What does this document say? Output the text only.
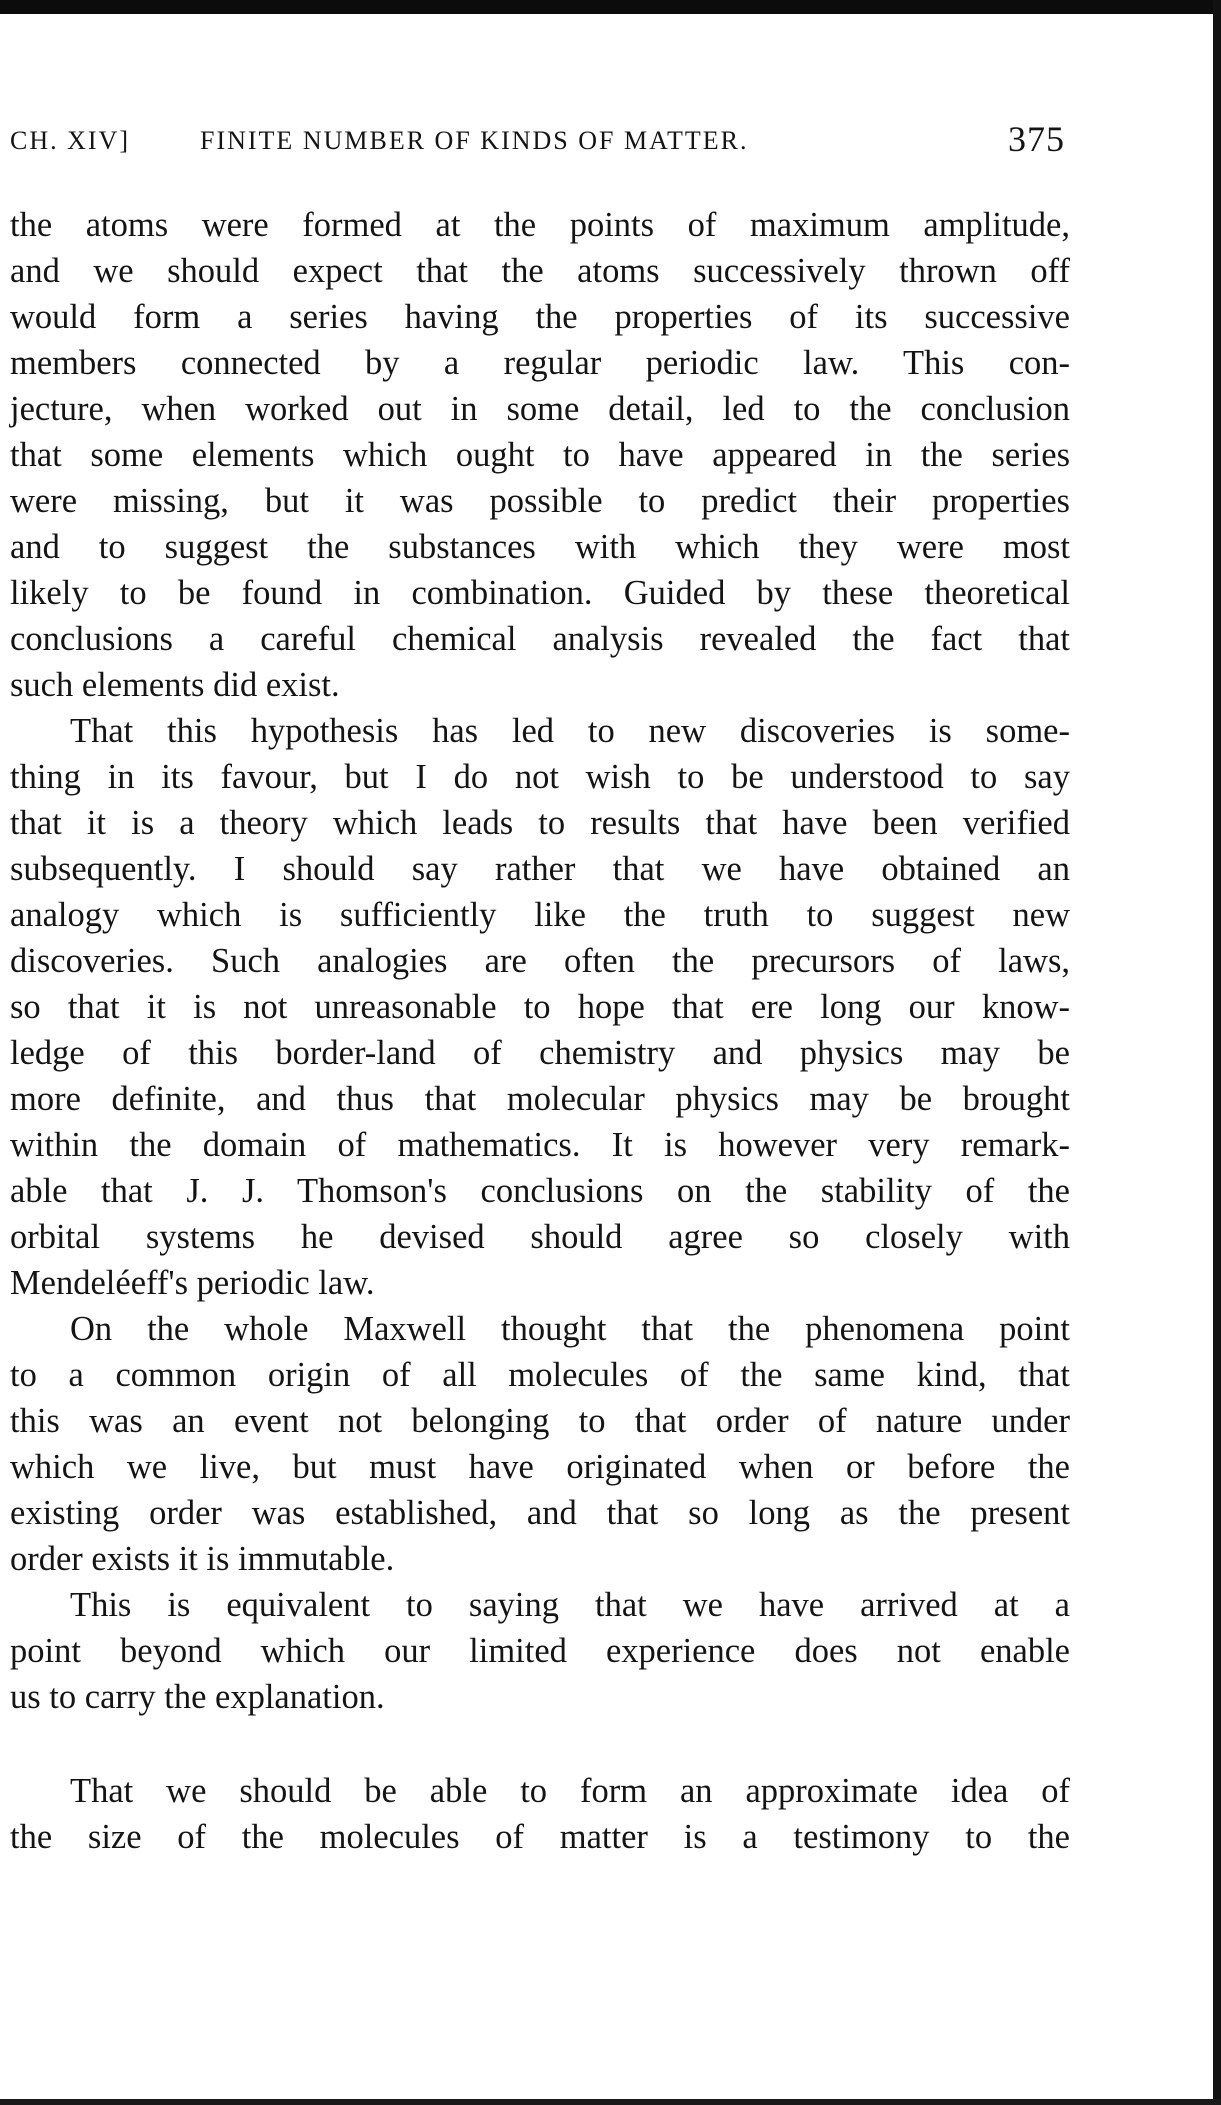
CH. XIV]	FINITE NUMBER OF KINDS OF MATTER.	375
the atoms were formed at the points of maximum amplitude,
and we should expect that the atoms successively thrown off
would form a series having the properties of its successive
members connected by a regular periodic law. This con-
jecture, when worked out in some detail, led to the conclusion
that some elements which ought to have appeared in the series
were missing, but it was possible to predict their properties
and to suggest the substances with which they were most
likely to be found in combination. Guided by these theoretical
conclusions a careful chemical analysis revealed the fact that
such elements did exist.
That this hypothesis has led to new discoveries is some-
thing in its favour, but I do not wish to be understood to say
that it is a theory which leads to results that have been verified
subsequently. I should say rather that we have obtained an
analogy which is sufficiently like the truth to suggest new
discoveries. Such analogies are often the precursors of laws,
so that it is not unreasonable to hope that ere long our know-
ledge of this border-land of chemistry and physics may be
more definite, and thus that molecular physics may be brought
within the domain of mathematics. It is however very remark-
able that J. J. Thomson's conclusions on the stability of the
orbital systems he devised should agree so closely with
Mendeléeff's periodic law.
On the whole Maxwell thought that the phenomena point
to a common origin of all molecules of the same kind, that
this was an event not belonging to that order of nature under
which we live, but must have originated when or before the
existing order was established, and that so long as the present
order exists it is immutable.
This is equivalent to saying that we have arrived at a
point beyond which our limited experience does not enable
us to carry the explanation.
That we should be able to form an approximate idea of
the size of the molecules of matter is a testimony to the
